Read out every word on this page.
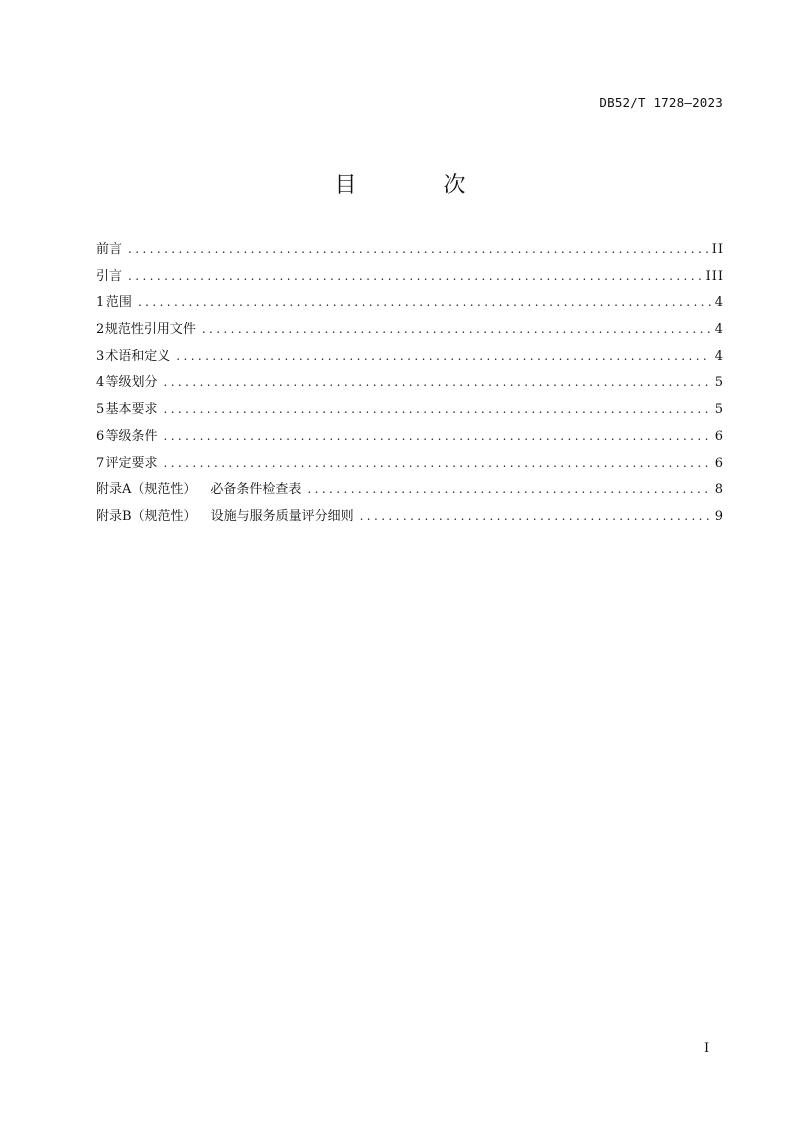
DB52/T 1728—2023
目 次
前言 .....	II
引言 .....	III
1 范围 .....	4
2 规范性引用文件 .....	4
3 术语和定义 .....	4
4 等级划分 .....	5
5 基本要求 .....	5
6 等级条件 .....	6
7 评定要求 .....	6
附录A（规范性） 必备条件检查表 .....	8
附录B（规范性） 设施与服务质量评分细则 .....	9
I
